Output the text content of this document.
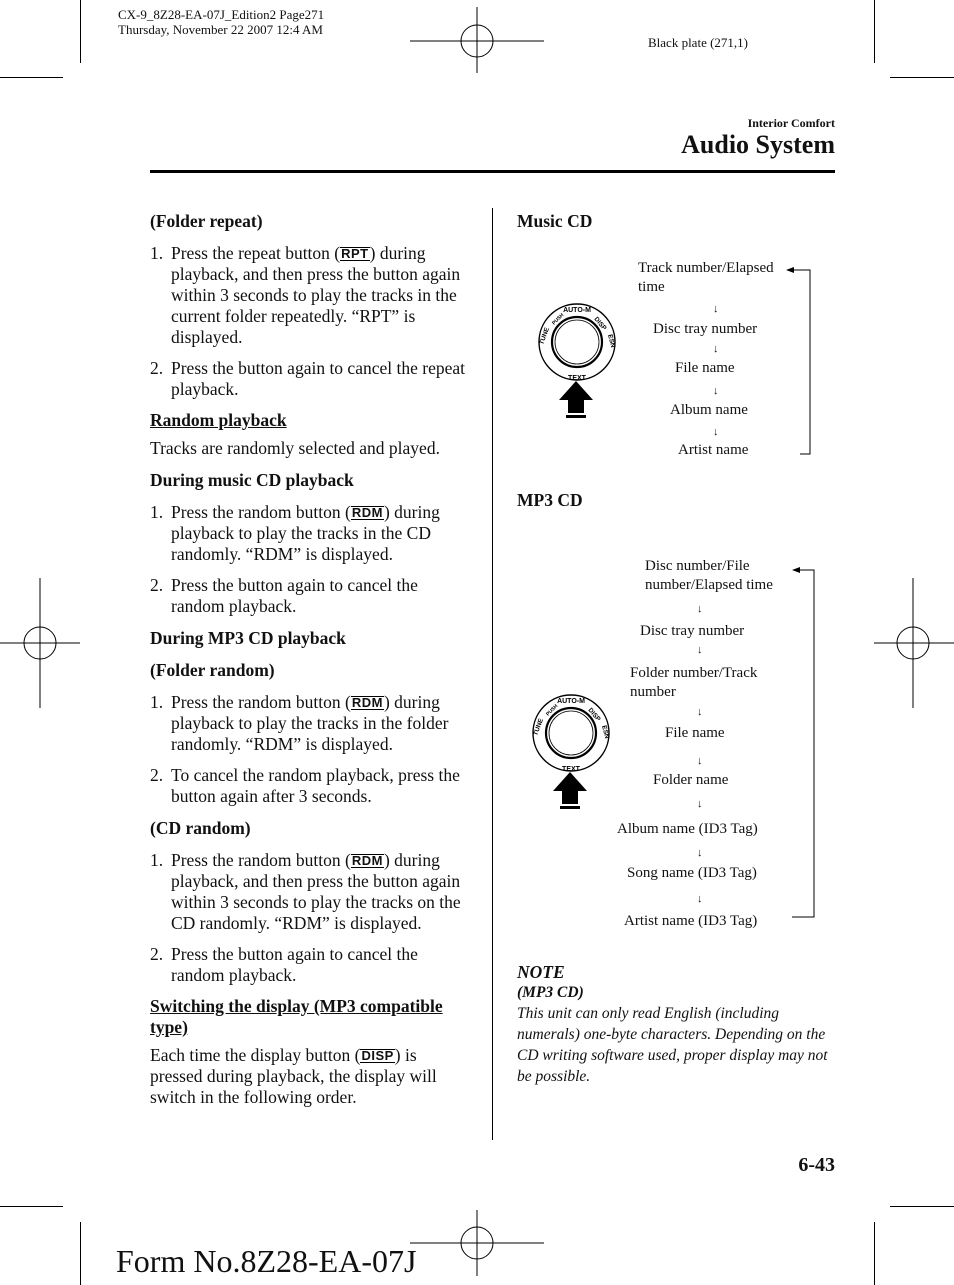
CX-9_8Z28-EA-07J_Edition2 Page271
Thursday, November 22 2007 12:4 AM
Black plate (271,1)
Interior Comfort
Audio System

(Folder repeat)

1. Press the repeat button (RPT) during playback, and then press the button again within 3 seconds to play the tracks in the current folder repeatedly. “RPT” is displayed.
2. Press the button again to cancel the repeat playback.

Random playback

Tracks are randomly selected and played.

During music CD playback

1. Press the random button (RDM) during playback to play the tracks in the CD randomly. “RDM” is displayed.
2. Press the button again to cancel the random playback.

During MP3 CD playback

(Folder random)

1. Press the random button (RDM) during playback to play the tracks in the folder randomly. “RDM” is displayed.
2. To cancel the random playback, press the button again after 3 seconds.

(CD random)

1. Press the random button (RDM) during playback, and then press the button again within 3 seconds to play the tracks on the CD randomly. “RDM” is displayed.
2. Press the button again to cancel the random playback.

Switching the display (MP3 compatible type)

Each time the display button (DISP) is pressed during playback, the display will switch in the following order.

Music CD
AUTO-M
TUNE
PUSH	DISP
ESN
TEXT
Track number/Elapsed time
↓
Disc tray number
↓
File name
↓
Album name
↓
Artist name
MP3 CD
AUTO-M
TUNE
PUSH	DISP
ESN
TEXT
Disc number/File number/Elapsed time
↓
Disc tray number
↓
Folder number/Track number
↓
File name
↓
Folder name
↓
Album name (ID3 Tag)
↓
Song name (ID3 Tag)
↓
Artist name (ID3 Tag)
NOTE
(MP3 CD)
This unit can only read English (including numerals) one-byte characters. Depending on the CD writing software used, proper display may not be possible.
6-43
Form No.8Z28-EA-07J
